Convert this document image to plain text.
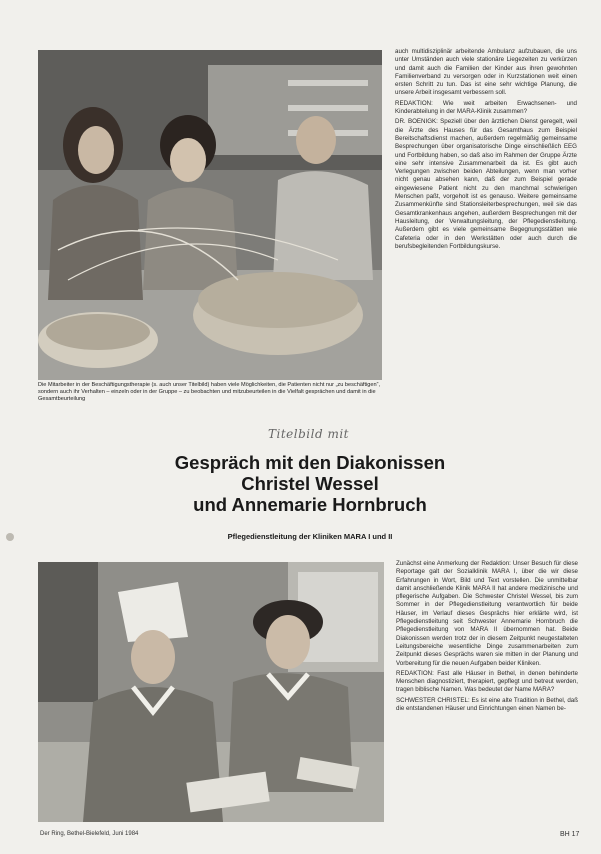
Die Mitarbeiter in der Beschäftigungstherapie (s. auch unser Titelbild) haben viele Möglichkeiten, die Patienten nicht nur „zu beschäftigen“, sondern auch ihr Verhalten – einzeln oder in der Gruppe – zu beobachten und mitzubeurteilen in die Vielfalt gesprächen und damit in die Gesamtbeurteilung

auch multidisziplinär arbeitende Ambulanz aufzubauen, die uns unter Umständen auch viele stationäre Liegezeiten zu verkürzen und damit auch die Familien der Kinder aus ihren gewohnten Familienverband zu versorgen oder in Kurzstationen weit einen ersten Schritt zu tun. Das ist eine sehr wichtige Planung, die unsere Arbeit insgesamt verbessern soll.

REDAKTION: Wie weit arbeiten Erwachsenen- und Kinderabteilung in der MARA-Klinik zusammen?

DR. BOENIGK: Speziell über den ärztlichen Dienst geregelt, weil die Ärzte des Hauses für das Gesamthaus zum Beispiel Bereitschaftsdienst machen, außerdem regelmäßig gemeinsame Besprechungen über organisatorische Dinge einschließlich EEG und Fortbildung haben, so daß also im Rahmen der Gruppe Ärzte eine sehr intensive Zusammenarbeit da ist. Es gibt auch Verlegungen zwischen beiden Abteilungen, wenn man vorher nicht genau absehen kann, daß der zum Beispiel gerade eingewiesene Patient nicht zu den manchmal schwierigen Menschen paßt, vorgeholt ist es genauso. Weitere gemeinsame Zusammenkünfte sind Stationsleiterbesprechungen, weil sie das Gesamtkrankenhaus angehen, außerdem Besprechungen mit der Hausleitung, der Verwaltungsleitung, der Pflegedienstleitung. Außerdem gibt es viele gemeinsame Begegnungsstätten wie Cafeteria oder in den Werkstätten oder auch durch die berufsbegleitenden Fortbildungskurse.

Titelbild mit
Gespräch mit den Diakonissen
Christel Wessel
und Annemarie Hornbruch
Pflegedienstleitung der Kliniken MARA I und II

Zunächst eine Anmerkung der Redaktion: Unser Besuch für diese Reportage galt der Sozialklinik MARA I, über die wir diese Erfahrungen in Wort, Bild und Text vorstellen. Die unmittelbar damit anschließende Klinik MARA II hat andere medizinische und pflegerische Aufgaben. Die Schwester Christel Wessel, bis zum Sommer in der Pflegedienstleitung verantwortlich für beide Häuser, im Verlauf dieses Gesprächs hier erklärte wird, ist Pflegedienstleitung seit Schwester Annemarie Hornbruch die Pflegedienstleitung von MARA II übernommen hat. Beide Diakonissen werden trotz der in diesem Zeitpunkt neugestalteten Leitungsbereiche wesentliche Dinge zusammenarbeiten zum Zeitpunkt dieses Gesprächs waren sie mitten in der Planung und Vorbereitung für die neuen Aufgaben beider Kliniken.

REDAKTION: Fast alle Häuser in Bethel, in denen behinderte Menschen diagnostiziert, therapiert, gepflegt und betreut werden, tragen biblische Namen. Was bedeutet der Name MARA?

SCHWESTER CHRISTEL: Es ist eine alte Tradition in Bethel, daß die entstandenen Häuser und Einrichtungen einen Namen be-

Der Ring, Bethel-Bielefeld, Juni 1984	BH 17
